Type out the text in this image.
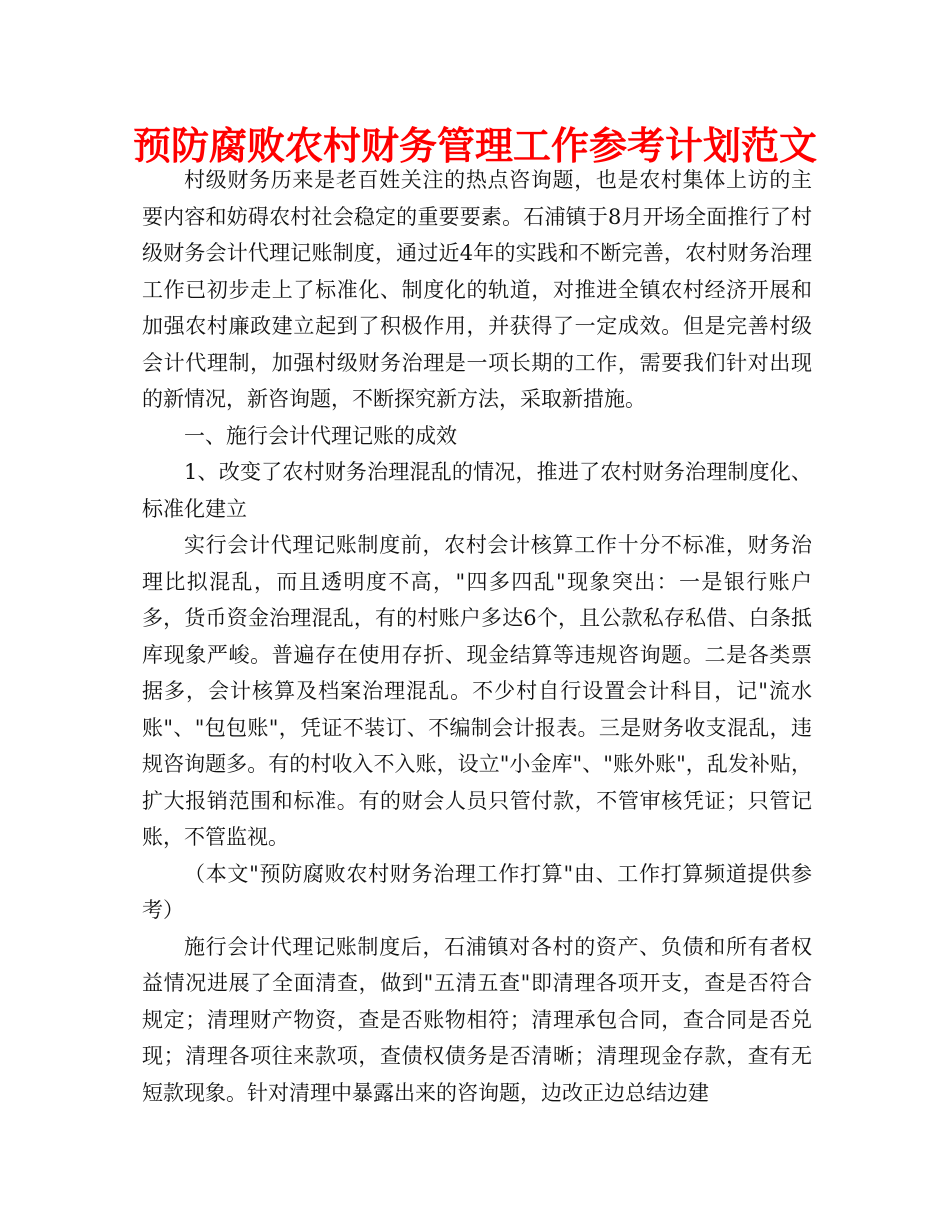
预防腐败农村财务管理工作参考计划范文

村级财务历来是老百姓关注的热点咨询题，也是农村集体上访的主要内容和妨碍农村社会稳定的重要要素。石浦镇于8月开场全面推行了村级财务会计代理记账制度，通过近4年的实践和不断完善，农村财务治理工作已初步走上了标准化、制度化的轨道，对推进全镇农村经济开展和加强农村廉政建立起到了积极作用，并获得了一定成效。但是完善村级会计代理制，加强村级财务治理是一项长期的工作，需要我们针对出现的新情况，新咨询题，不断探究新方法，采取新措施。

一、施行会计代理记账的成效

1、改变了农村财务治理混乱的情况，推进了农村财务治理制度化、标准化建立

实行会计代理记账制度前，农村会计核算工作十分不标准，财务治理比拟混乱，而且透明度不高，"四多四乱"现象突出：一是银行账户多，货币资金治理混乱，有的村账户多达6个，且公款私存私借、白条抵库现象严峻。普遍存在使用存折、现金结算等违规咨询题。二是各类票据多，会计核算及档案治理混乱。不少村自行设置会计科目，记"流水账"、"包包账"，凭证不装订、不编制会计报表。三是财务收支混乱，违规咨询题多。有的村收入不入账，设立"小金库"、"账外账"，乱发补贴，扩大报销范围和标准。有的财会人员只管付款，不管审核凭证；只管记账，不管监视。

（本文"预防腐败农村财务治理工作打算"由、工作打算频道提供参考）

施行会计代理记账制度后，石浦镇对各村的资产、负债和所有者权益情况进展了全面清查，做到"五清五查"即清理各项开支，查是否符合规定；清理财产物资，查是否账物相符；清理承包合同，查合同是否兑现；清理各项往来款项，查债权债务是否清晰；清理现金存款，查有无短款现象。针对清理中暴露出来的咨询题，边改正边总结边建
